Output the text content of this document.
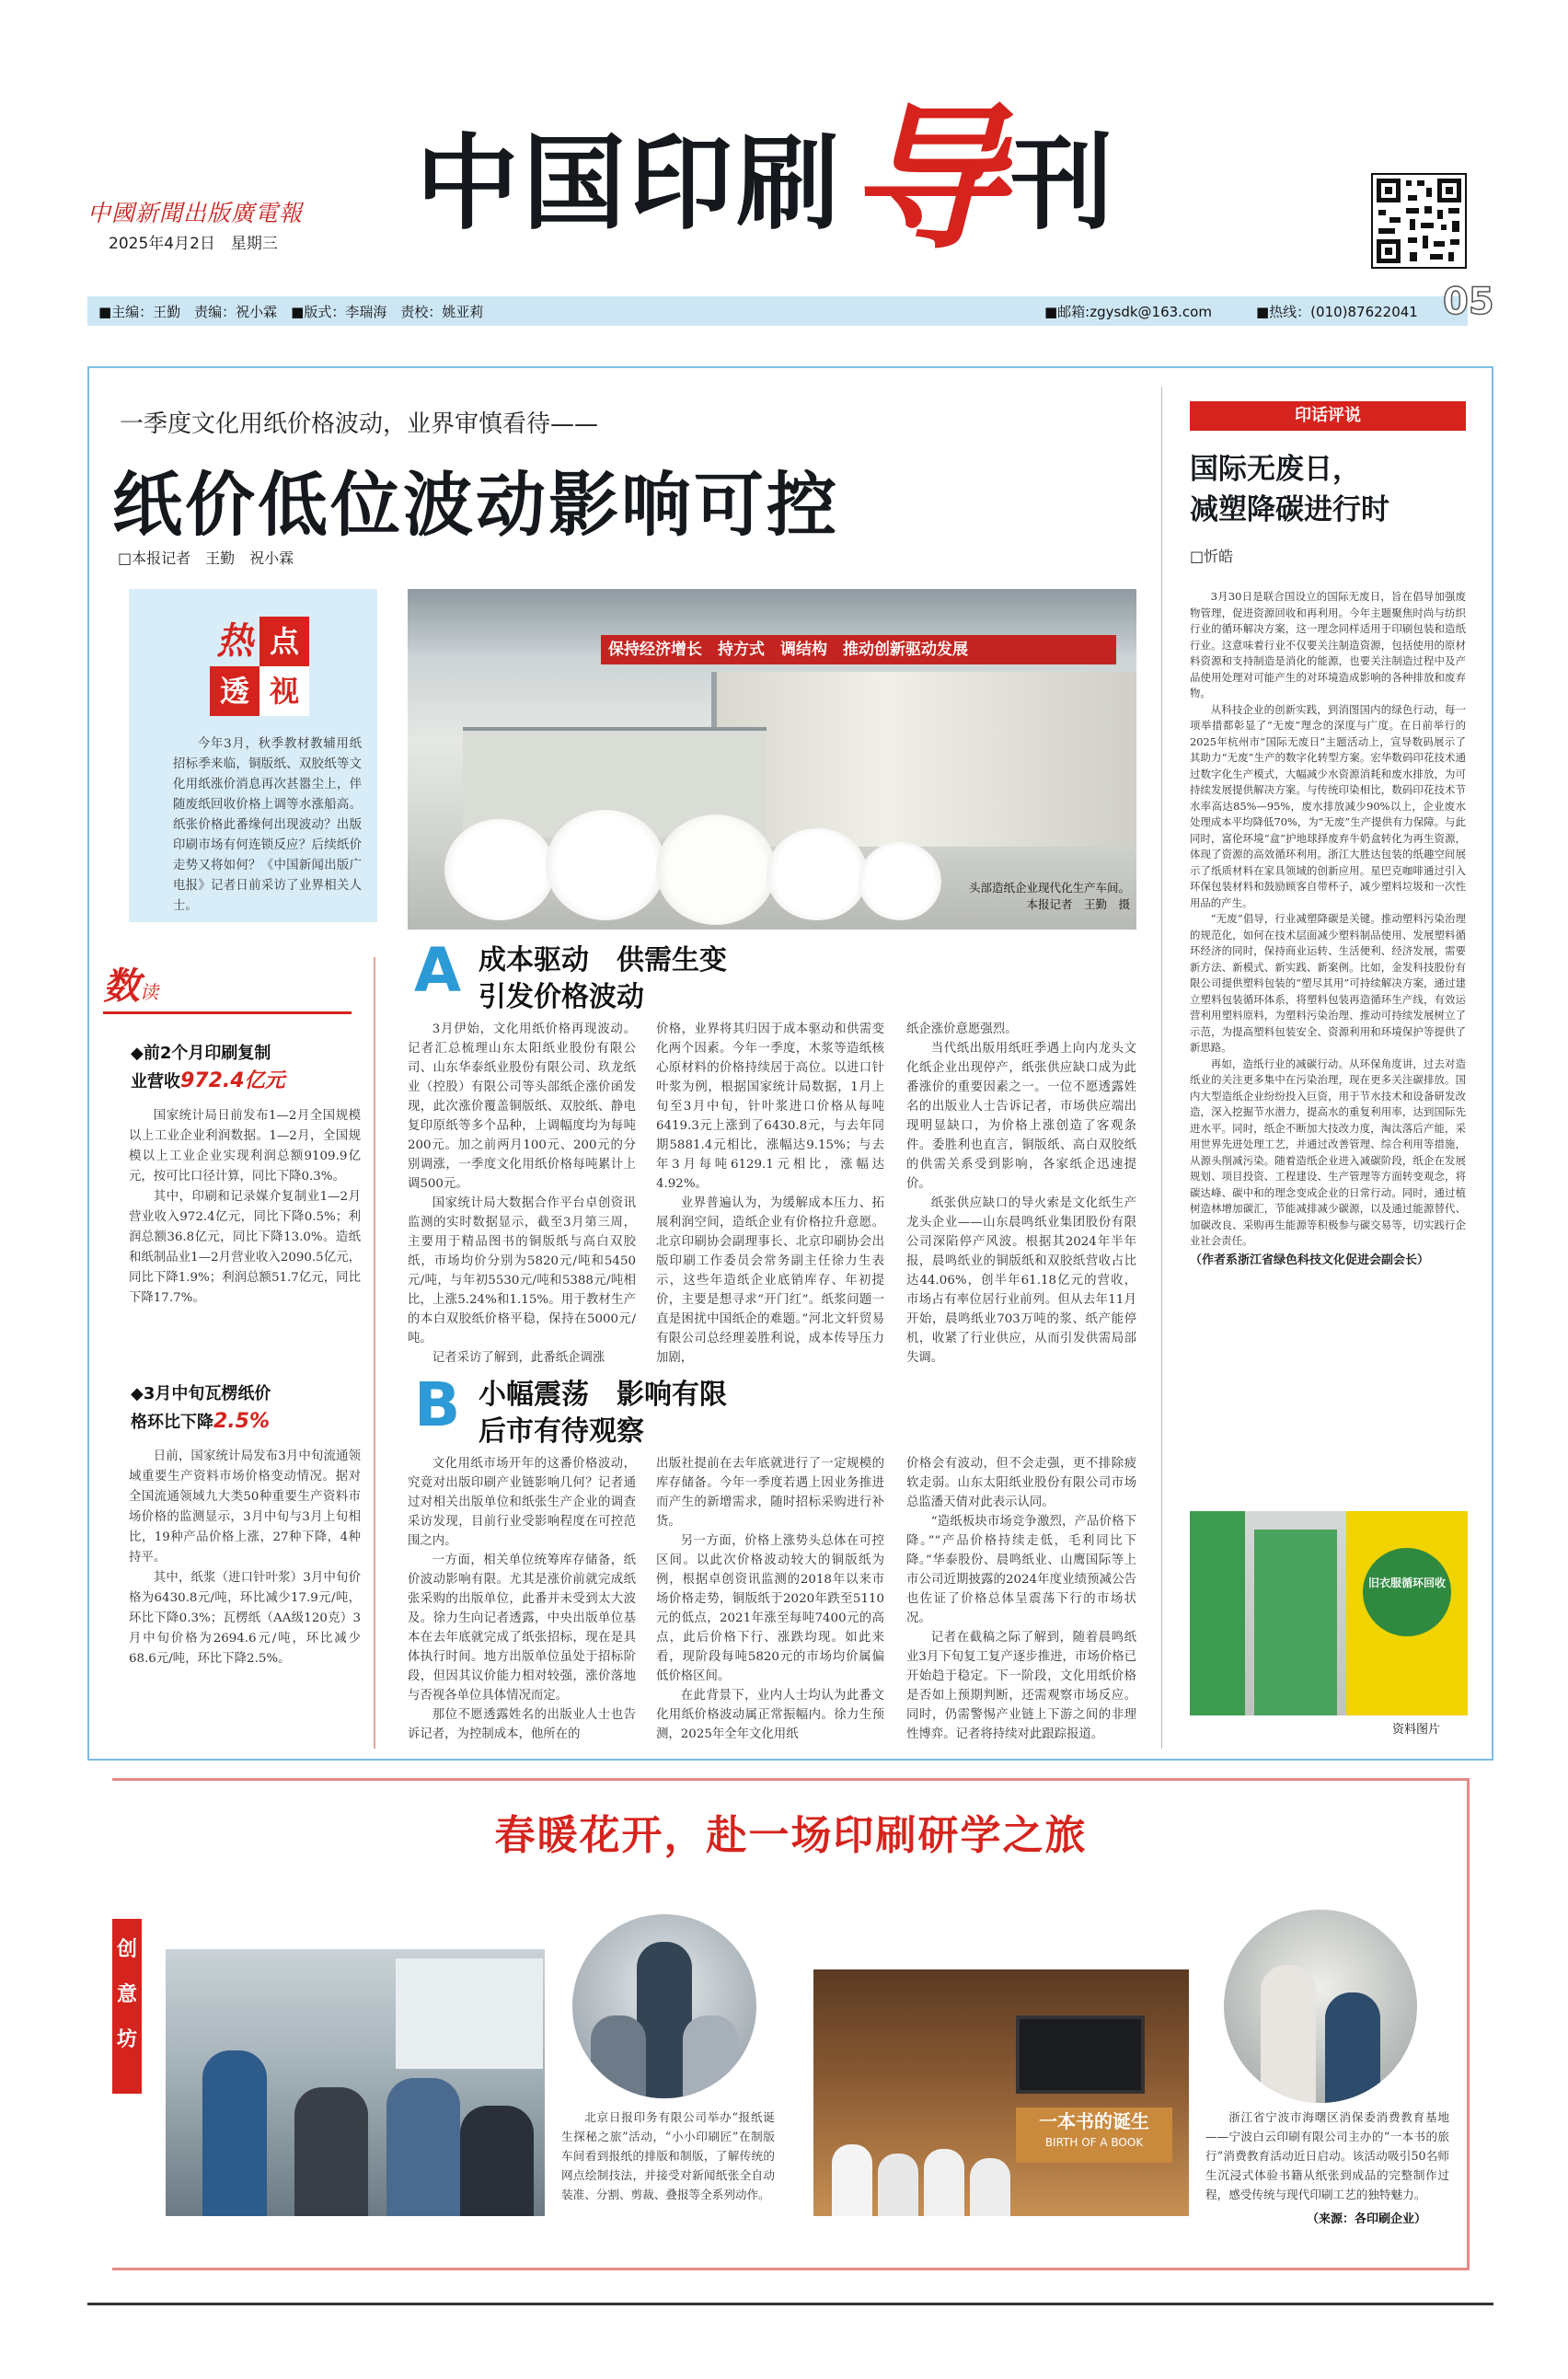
中國新聞出版廣電報
2025年4月2日　 星期三 中国印刷导刊
■主编：王勤　责编：祝小霖　■版式：李瑞海　责校：姚亚莉	■邮箱:zgysdk@163.com	■热线：(010)87622041 05
一季度文化用纸价格波动，业界审慎看待——
纸价低位波动影响可控
□本报记者　王勤　祝小霖
热 点
透 视

今年3月，秋季教材教辅用纸招标季来临，铜版纸、双胶纸等文化用纸涨价消息再次甚嚣尘上，伴随废纸回收价格上调等水涨船高。纸张价格此番缘何出现波动？出版印刷市场有何连锁反应？后续纸价走势又将如何？《中国新闻出版广电报》记者日前采访了业界相关人士。

保持经济增长　持方式　调结构　推动创新驱动发展
头部造纸企业现代化生产车间。
本报记者　王勤　摄
A 成本驱动　供需生变
引发价格波动

3月伊始，文化用纸价格再现波动。记者汇总梳理山东太阳纸业股份有限公司、山东华泰纸业股份有限公司、玖龙纸业（控股）有限公司等头部纸企涨价函发现，此次涨价覆盖铜版纸、双胶纸、静电复印原纸等多个品种，上调幅度均为每吨200元。加之前两月100元、200元的分别调涨，一季度文化用纸价格每吨累计上调500元。

国家统计局大数据合作平台卓创资讯监测的实时数据显示，截至3月第三周，主要用于精品图书的铜版纸与高白双胶纸，市场均价分别为5820元/吨和5450元/吨，与年初5530元/吨和5388元/吨相比，上涨5.24%和1.15%。用于教材生产的本白双胶纸价格平稳，保持在5000元/吨。

记者采访了解到，此番纸企调涨

价格，业界将其归因于成本驱动和供需变化两个因素。今年一季度，木浆等造纸核心原材料的价格持续居于高位。以进口针叶浆为例，根据国家统计局数据，1月上旬至3月中旬，针叶浆进口价格从每吨6419.3元上涨到了6430.8元，与去年同期5881.4元相比，涨幅达9.15%；与去年3月每吨6129.1元相比，涨幅达4.92%。

业界普遍认为，为缓解成本压力、拓展利润空间，造纸企业有价格拉升意愿。北京印刷协会副理事长、北京印刷协会出版印刷工作委员会常务副主任徐力生表示，这些年造纸企业底销库存、年初提价，主要是想寻求“开门红”。纸浆问题一直是困扰中国纸企的难题。”河北文轩贸易有限公司总经理姜胜利说，成本传导压力加剧，

纸企涨价意愿强烈。

当代纸出版用纸旺季遇上向内龙头文化纸企业出现停产，纸张供应缺口成为此番涨价的重要因素之一。一位不愿透露姓名的出版业人士告诉记者，市场供应端出现明显缺口，为价格上涨创造了客观条件。委胜利也直言，铜版纸、高白双胶纸的供需关系受到影响，各家纸企迅速提价。

纸张供应缺口的导火索是文化纸生产龙头企业——山东晨鸣纸业集团股份有限公司深陷停产风波。根据其2024年半年报，晨鸣纸业的铜版纸和双胶纸营收占比达44.06%，创半年61.18亿元的营收，市场占有率位居行业前列。但从去年11月开始，晨鸣纸业703万吨的浆、纸产能停机，收紧了行业供应，从而引发供需局部失调。

B 小幅震荡　影响有限
后市有待观察

文化用纸市场开年的这番价格波动，究竟对出版印刷产业链影响几何？记者通过对相关出版单位和纸张生产企业的调查采访发现，目前行业受影响程度在可控范围之内。

一方面，相关单位统筹库存储备，纸价波动影响有限。尤其是涨价前就完成纸张采购的出版单位，此番并未受到太大波及。徐力生向记者透露，中央出版单位基本在去年底就完成了纸张招标，现在是具体执行时间。地方出版单位虽处于招标阶段，但因其议价能力相对较强，涨价落地与否视各单位具体情况而定。

那位不愿透露姓名的出版业人士也告诉记者，为控制成本，他所在的

出版社提前在去年底就进行了一定规模的库存储备。今年一季度若遇上因业务推进而产生的新增需求，随时招标采购进行补货。

另一方面，价格上涨势头总体在可控区间。以此次价格波动较大的铜版纸为例，根据卓创资讯监测的2018年以来市场价格走势，铜版纸于2020年跌至5110元的低点，2021年涨至每吨7400元的高点，此后价格下行、涨跌均现。如此来看，现阶段每吨5820元的市场均价属偏低价格区间。

在此背景下，业内人士均认为此番文化用纸价格波动属正常振幅内。徐力生预测，2025年全年文化用纸

价格会有波动，但不会走强，更不排除疲软走弱。山东太阳纸业股份有限公司市场总监潘天倩对此表示认同。

“造纸板块市场竞争激烈，产品价格下降。”“产品价格持续走低，毛利同比下降。”华泰股份、晨鸣纸业、山鹰国际等上市公司近期披露的2024年度业绩预减公告也佐证了价格总体呈震荡下行的市场状况。

记者在截稿之际了解到，随着晨鸣纸业3月下旬复工复产逐步推进，市场价格已开始趋于稳定。下一阶段，文化用纸价格是否如上预期判断，还需观察市场反应。同时，仍需警惕产业链上下游之间的非理性博弈。记者将持续对此跟踪报道。

数读
◆前2个月印刷复制
业营收972.4亿元

国家统计局日前发布1—2月全国规模以上工业企业利润数据。1—2月，全国规模以上工业企业实现利润总额9109.9亿元，按可比口径计算，同比下降0.3%。

其中，印刷和记录媒介复制业1—2月营业收入972.4亿元，同比下降0.5%；利润总额36.8亿元，同比下降13.0%。造纸和纸制品业1—2月营业收入2090.5亿元，同比下降1.9%；利润总额51.7亿元，同比下降17.7%。

◆3月中旬瓦楞纸价
格环比下降2.5%

日前，国家统计局发布3月中旬流通领域重要生产资料市场价格变动情况。据对全国流通领域九大类50种重要生产资料市场价格的监测显示，3月中旬与3月上旬相比，19种产品价格上涨，27种下降，4种持平。

其中，纸浆（进口针叶浆）3月中旬价格为6430.8元/吨，环比减少17.9元/吨，环比下降0.3%；瓦楞纸（AA级120克）3月中旬价格为2694.6元/吨，环比减少68.6元/吨，环比下降2.5%。

印话评说
国际无废日，
减塑降碳进行时
□忻皓

3月30日是联合国设立的国际无废日，旨在倡导加强废物管理，促进资源回收和再利用。今年主题聚焦时尚与纺织行业的循环解决方案，这一理念同样适用于印刷包装和造纸行业。这意味着行业不仅要关注制造资源，包括使用的原材料资源和支持制造是消化的能源，也要关注制造过程中及产品使用处理对可能产生的对环境造成影响的各种排放和废弃物。

从科技企业的创新实践，到消图国内的绿色行动，每一项举措都彰显了“无废”理念的深度与广度。在日前举行的2025年杭州市“国际无废日”主题活动上，宣导数码展示了其助力“无废”生产的数字化转型方案。宏华数码印花技术通过数字化生产模式，大幅减少水资源消耗和废水排放，为可持续发展提供解决方案。与传统印染相比，数码印花技术节水率高达85%—95%，废水排放减少90%以上，企业废水处理成本平均降低70%，为“无废”生产提供有力保障。与此同时，富伦环境“盒”护地球择废弃牛奶盒转化为再生资源，体现了资源的高效循环利用。浙江大胜达包装的纸趣空间展示了纸质材料在家具领域的创新应用。星巴克咖啡通过引入环保包装材料和鼓励顾客自带杯子，减少塑料垃圾和一次性用品的产生。

“无废”倡导，行业减塑降碳是关键。推动塑料污染治理的规范化，如何在技术层面减少塑料制品使用、发展塑料循环经济的同时，保持商业运转、生活便利、经济发展，需要新方法、新模式、新实践、新案例。比如，金发科技股份有限公司提供塑料包装的“塑尽其用”可持续解决方案，通过建立塑料包装循环体系，将塑料包装再造循环生产线，有效运营利用塑料原料，为塑料污染治理、推动可持续发展树立了示范，为提高塑料包装安全、资源利用和环境保护等提供了新思路。

再如，造纸行业的减碳行动。从环保角度讲，过去对造纸业的关注更多集中在污染治理，现在更多关注碳排放。国内大型造纸企业纷纷投入巨资，用于节水技术和设备研发改造，深入挖掘节水潜力，提高水的重复利用率，达到国际先进水平。同时，纸企不断加大技改力度，淘汰落后产能，采用世界先进处理工艺，并通过改善管理、综合利用等措施，从源头削减污染。随着造纸企业进入减碳阶段，纸企在发展规划、项目投资、工程建设、生产管理等方面转变观念，将碳达峰、碳中和的理念变成企业的日常行动。同时，通过植树造林增加碳汇，节能减排减少碳源，以及通过能源替代、加碳改良、采购再生能源等积极参与碳交易等，切实践行企业社会责任。

（作者系浙江省绿色科技文化促进会副会长）

旧衣服循环回收
资料图片
创
意
坊
春暖花开，赴一场印刷研学之旅

北京日报印务有限公司举办“报纸诞生探秘之旅”活动，“小小印刷匠”在制版车间看到报纸的排版和制版，了解传统的网点绘制技法，并接受对新闻纸张全自动装准、分割、剪裁、叠报等全系列动作。

一本书的诞生
BIRTH OF A BOOK

浙江省宁波市海曙区消保委消费教育基地——宁波白云印刷有限公司主办的“一本书的旅行”消费教育活动近日启动。该活动吸引50名师生沉浸式体验书籍从纸张到成品的完整制作过程，感受传统与现代印刷工艺的独特魅力。

（来源：各印刷企业）
